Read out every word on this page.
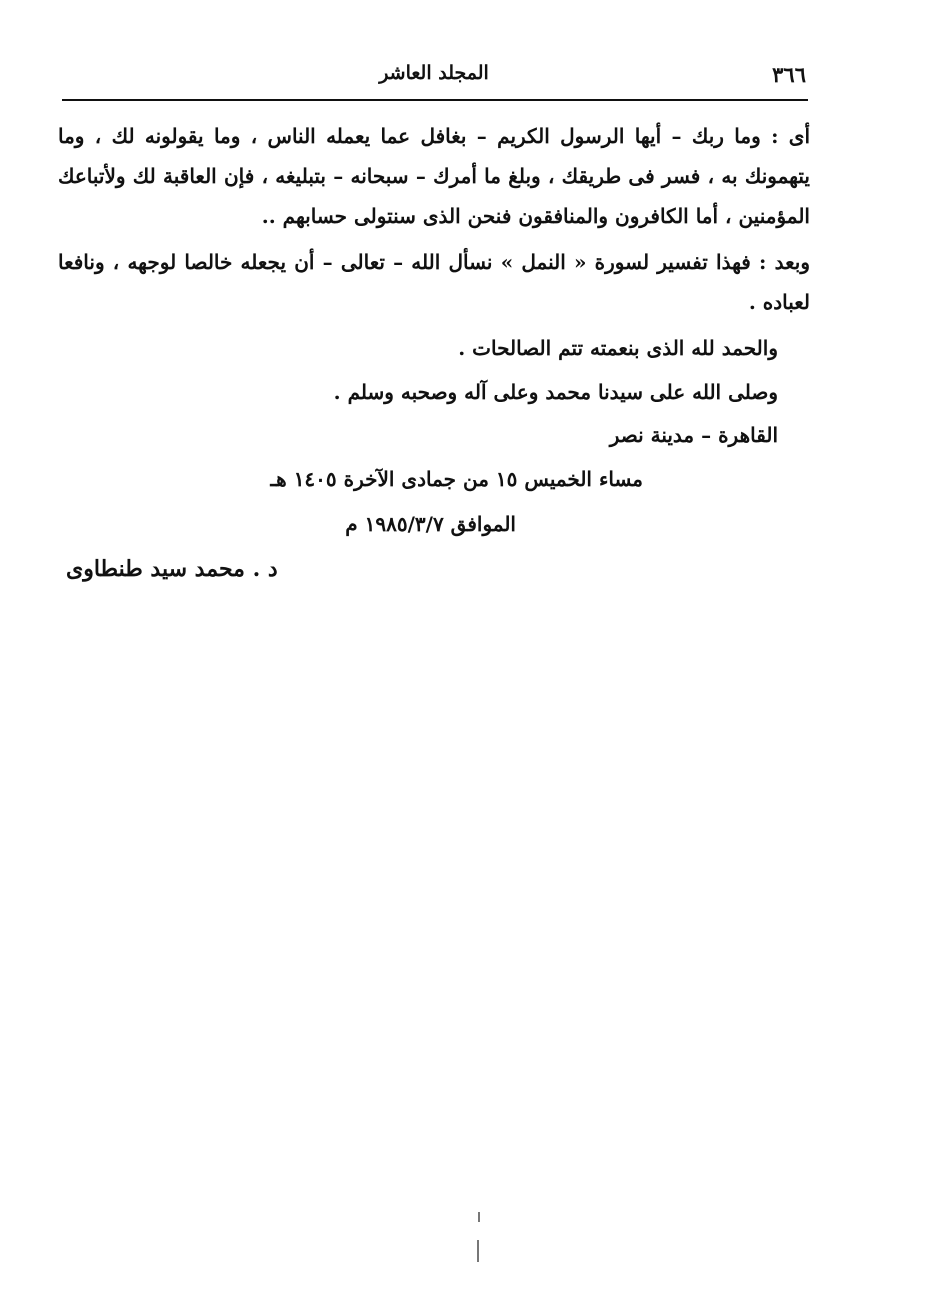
٣٦٦
المجلد العاشر

أى : وما ربك – أيها الرسول الكريم – بغافل عما يعمله الناس ، وما يقولونه لك ، وما يتهمونك به ، فسر فى طريقك ، وبلغ ما أمرك – سبحانه – بتبليغه ، فإن العاقبة لك ولأتباعك المؤمنين ، أما الكافرون والمنافقون فنحن الذى سنتولى حسابهم ..

وبعد : فهذا تفسير لسورة « النمل » نسأل الله – تعالى – أن يجعله خالصا لوجهه ، ونافعا لعباده .

والحمد لله الذى بنعمته تتم الصالحات .
وصلى الله على سيدنا محمد وعلى آله وصحبه وسلم .
القاهرة – مدينة نصر
مساء الخميس ١٥ من جمادى الآخرة ١٤٠٥ هـ
الموافق ١٩٨٥/٣/٧ م
د . محمد سيد طنطاوى
